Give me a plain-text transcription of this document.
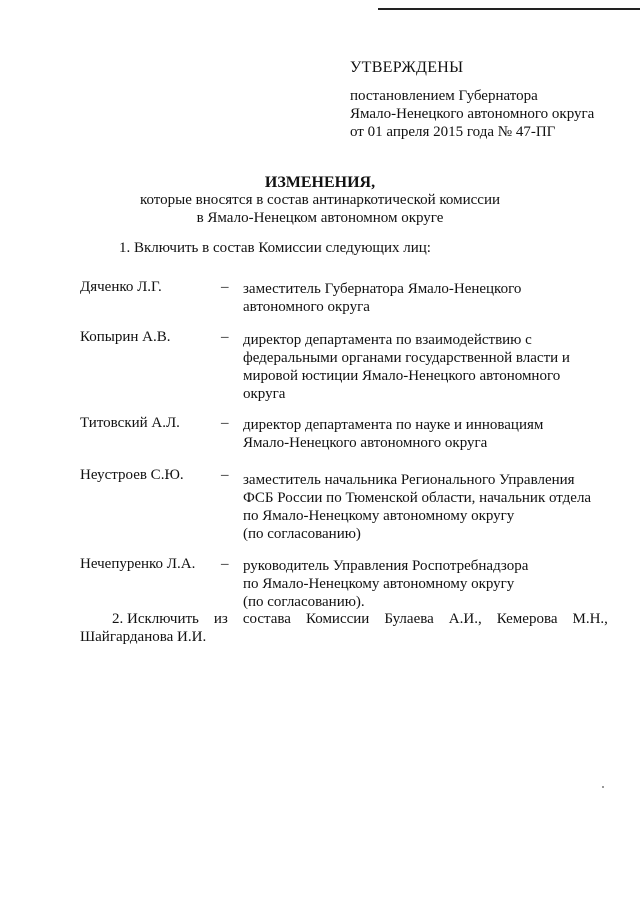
УТВЕРЖДЕНЫ
постановлением Губернатора
Ямало-Ненецкого автономного округа
от 01 апреля 2015 года № 47-ПГ
ИЗМЕНЕНИЯ,
которые вносятся в состав антинаркотической комиссии
в Ямало-Ненецком автономном округе
1. Включить в состав Комиссии следующих лиц:
Дяченко Л.Г.	– заместитель Губернатора Ямало-Ненецкого
автономного округа
Копырин А.В.	– директор департамента по взаимодействию с
федеральными органами государственной власти и
мировой юстиции Ямало-Ненецкого автономного
округа
Титовский А.Л.	– директор департамента по науке и инновациям
Ямало-Ненецкого автономного округа
Неустроев С.Ю. – заместитель начальника Регионального Управления
ФСБ России по Тюменской области, начальник отдела
по Ямало-Ненецкому автономному округу
(по согласованию)
Нечепуренко Л.А. – руководитель Управления Роспотребнадзора
по Ямало-Ненецкому автономному округу
(по согласованию).
2. Исключить из состава Комиссии Булаева А.И., Кемерова М.Н.,
Шайгарданова И.И.
